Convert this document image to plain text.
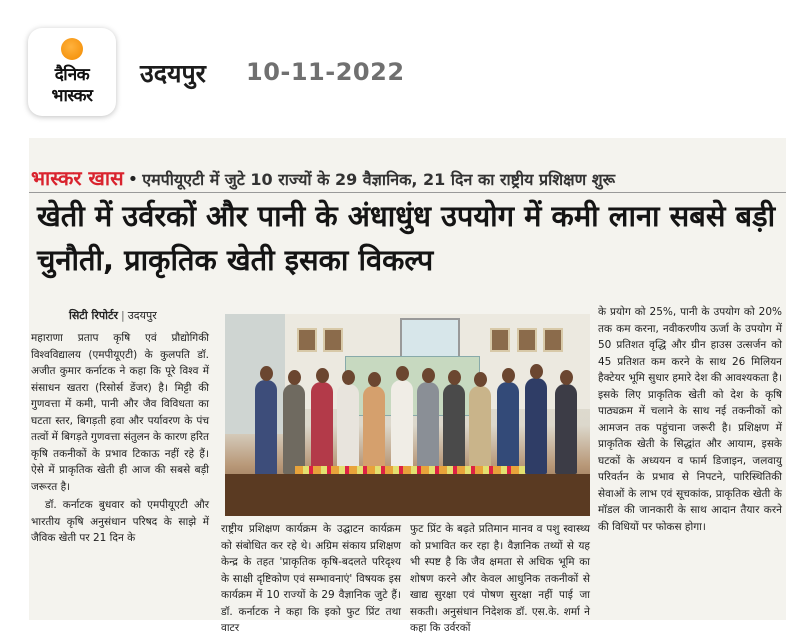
दैनिक
भास्कर
उदयपुर 10-11-2022
भास्कर खास • एमपीयूएटी में जुटे 10 राज्यों के 29 वैज्ञानिक, 21 दिन का राष्ट्रीय प्रशिक्षण शुरू
खेती में उर्वरकों और पानी के अंधाधुंध उपयोग में कमी लाना सबसे बड़ी चुनौती, प्राकृतिक खेती इसका विकल्प
सिटी रिपोर्टर | उदयपुर

महाराणा प्रताप कृषि एवं प्रौद्योगिकी विश्वविद्यालय (एमपीयूएटी) के कुलपति डॉ. अजीत कुमार कर्नाटक ने कहा कि पूरे विश्व में संसाधन खतरा (रिसोर्स डेंजर) है। मिट्टी की गुणवत्ता में कमी, पानी और जैव विविधता का घटता स्तर, बिगड़ती हवा और पर्यावरण के पंच तत्वों में बिगड़ते गुणवत्ता संतुलन के कारण हरित कृषि तकनीकों के प्रभाव टिकाऊ नहीं रहे हैं। ऐसे में प्राकृतिक खेती ही आज की सबसे बड़ी जरूरत है।

डॉ. कर्नाटक बुधवार को एमपीयूएटी और भारतीय कृषि अनुसंधान परिषद के साझे में जैविक खेती पर 21 दिन के

राष्ट्रीय प्रशिक्षण कार्यक्रम के उद्घाटन कार्यक्रम को संबोधित कर रहे थे। अग्रिम संकाय प्रशिक्षण केन्द्र के तहत 'प्राकृतिक कृषि-बदलते परिदृश्य के साक्षी दृष्टिकोण एवं सम्भावनाएं' विषयक इस कार्यक्रम में 10 राज्यों के 29 वैज्ञानिक जुटे हैं। डॉ. कर्नाटक ने कहा कि इको फुट प्रिंट तथा वाटर

फुट प्रिंट के बढ़ते प्रतिमान मानव व पशु स्वास्थ्य को प्रभावित कर रहा है। वैज्ञानिक तथ्यों से यह भी स्पष्ट है कि जैव क्षमता से अधिक भूमि का शोषण करने और केवल आधुनिक तकनीकों से खाद्य सुरक्षा एवं पोषण सुरक्षा नहीं पाई जा सकती। अनुसंधान निदेशक डॉ. एस.के. शर्मा ने कहा कि उर्वरकों

के प्रयोग को 25%, पानी के उपयोग को 20% तक कम करना, नवीकरणीय ऊर्जा के उपयोग में 50 प्रतिशत वृद्धि और ग्रीन हाउस उत्सर्जन को 45 प्रतिशत कम करने के साथ 26 मिलियन हैक्टेयर भूमि सुधार हमारे देश की आवश्यकता है। इसके लिए प्राकृतिक खेती को देश के कृषि पाठ्यक्रम में चलाने के साथ नई तकनीकों को आमजन तक पहुंचाना जरूरी है। प्रशिक्षण में प्राकृतिक खेती के सिद्धांत और आयाम, इसके घटकों के अध्ययन व फार्म डिजाइन, जलवायु परिवर्तन के प्रभाव से निपटने, पारिस्थितिकी सेवाओं के लाभ एवं सूचकांक, प्राकृतिक खेती के मॉडल की जानकारी के साथ आदान तैयार करने की विधियों पर फोकस होगा।
